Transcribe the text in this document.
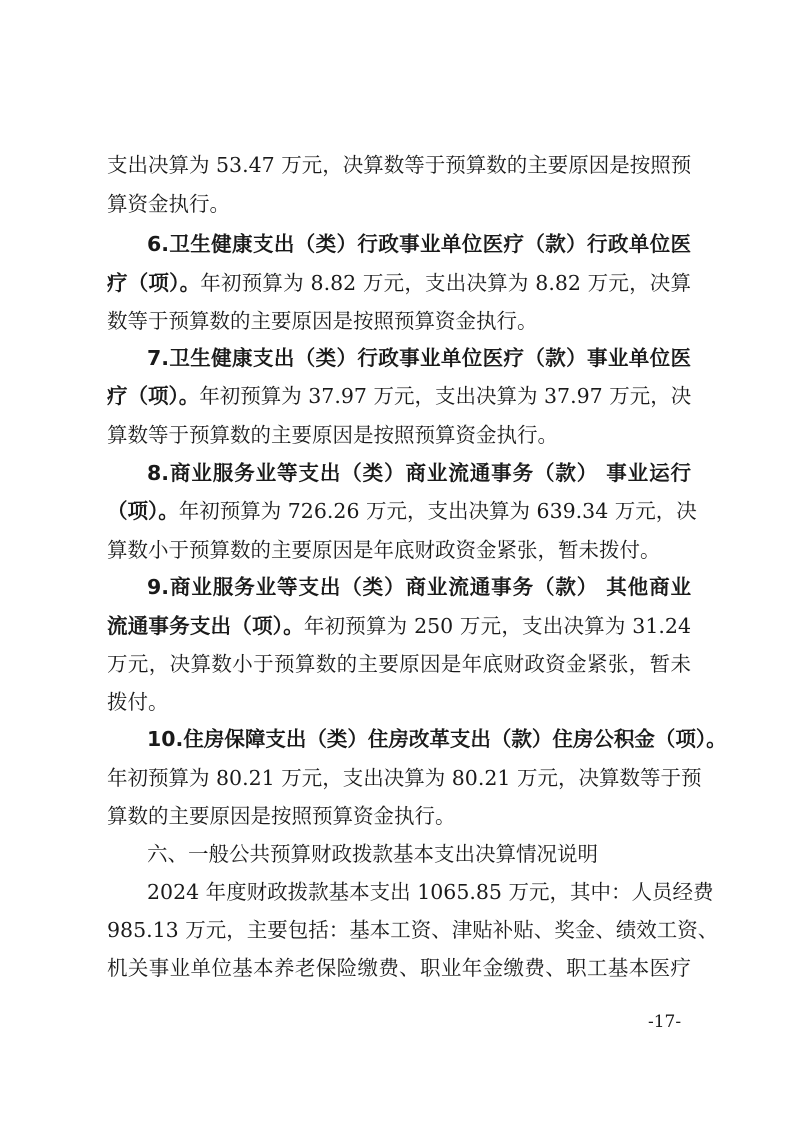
支出决算为 53.47 万元，决算数等于预算数的主要原因是按照预
算资金执行。
6.卫生健康支出（类）行政事业单位医疗（款）行政单位医
疗（项）。年初预算为 8.82 万元，支出决算为 8.82 万元，决算
数等于预算数的主要原因是按照预算资金执行。
7.卫生健康支出（类）行政事业单位医疗（款）事业单位医
疗（项）。年初预算为 37.97 万元，支出决算为 37.97 万元，决
算数等于预算数的主要原因是按照预算资金执行。
8.商业服务业等支出（类）商业流通事务（款） 事业运行
（项）。年初预算为 726.26 万元，支出决算为 639.34 万元，决
算数小于预算数的主要原因是年底财政资金紧张，暂未拨付。
9.商业服务业等支出（类）商业流通事务（款） 其他商业
流通事务支出（项）。年初预算为 250 万元，支出决算为 31.24
万元，决算数小于预算数的主要原因是年底财政资金紧张，暂未
拨付。
10.住房保障支出（类）住房改革支出（款）住房公积金（项）。
年初预算为 80.21 万元，支出决算为 80.21 万元，决算数等于预
算数的主要原因是按照预算资金执行。
六、一般公共预算财政拨款基本支出决算情况说明
2024 年度财政拨款基本支出 1065.85 万元，其中：人员经费
985.13 万元，主要包括：基本工资、津贴补贴、奖金、绩效工资、
机关事业单位基本养老保险缴费、职业年金缴费、职工基本医疗
-17-
